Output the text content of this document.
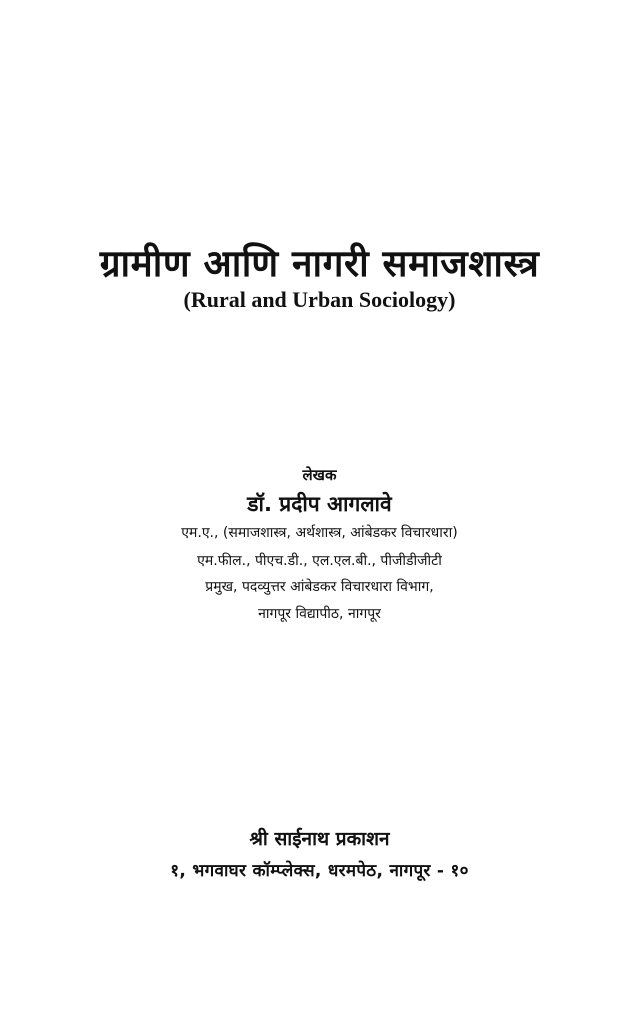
ग्रामीण आणि नागरी समाजशास्त्र
(Rural and Urban Sociology)
लेखक
डॉ. प्रदीप आगलावे
एम.ए., (समाजशास्त्र, अर्थशास्त्र, आंबेडकर विचारधारा)
एम.फील., पीएच.डी., एल.एल.बी., पीजीडीजीटी
प्रमुख, पदव्युत्तर आंबेडकर विचारधारा विभाग,
नागपूर विद्यापीठ, नागपूर
श्री साईनाथ प्रकाशन
१, भगवाघर कॉम्प्लेक्स, धरमपेठ, नागपूर - १०
